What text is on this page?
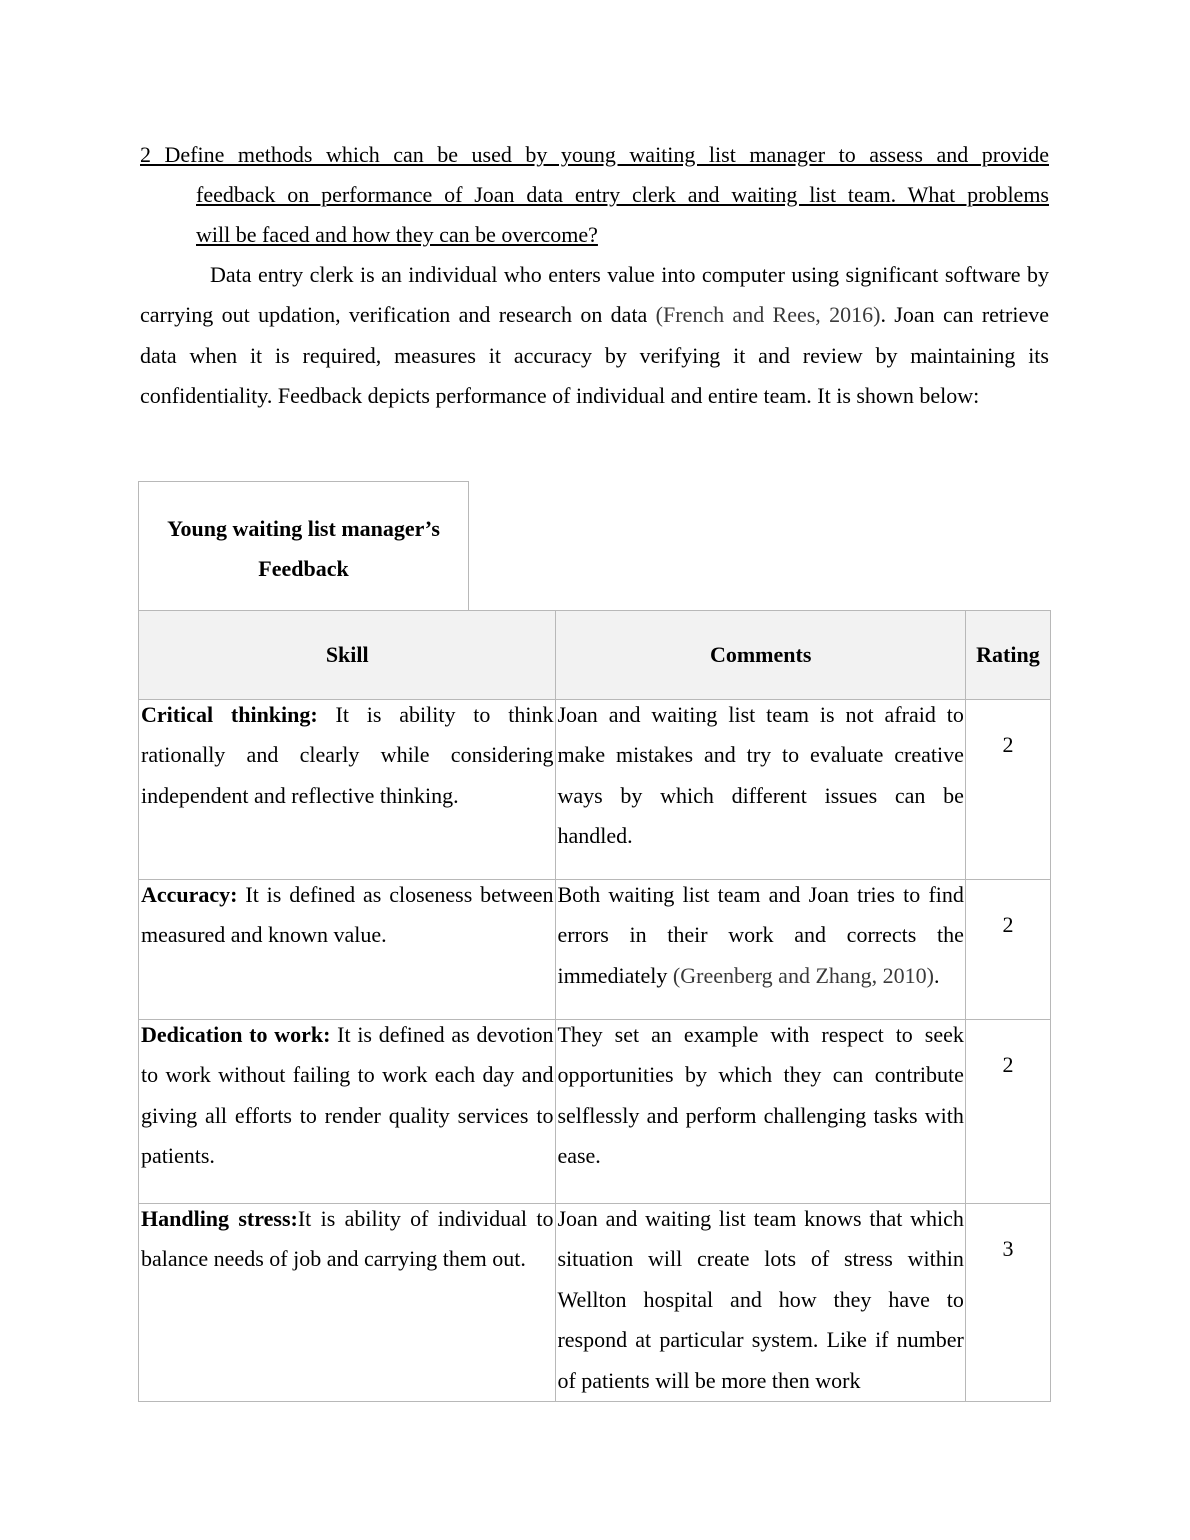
2 Define methods which can be used by young waiting list manager to assess and provide
feedback on performance of Joan data entry clerk and waiting list team. What problems
will be faced and how they can be overcome?

Data entry clerk is an individual who enters value into computer using significant software by carrying out updation, verification and research on data (French and Rees, 2016). Joan can retrieve data when it is required, measures it accuracy by verifying it and review by maintaining its confidentiality. Feedback depicts performance of individual and entire team. It is shown below:

Young waiting list manager’s
Feedback
Skill	Comments	Rating

Critical thinking: It is ability to think rationally and clearly while considering independent and reflective thinking.	Joan and waiting list team is not afraid to make mistakes and try to evaluate creative ways by which different issues can be handled.	2

Accuracy: It is defined as closeness between measured and known value.	Both waiting list team and Joan tries to find errors in their work and corrects the immediately (Greenberg and Zhang, 2010).	2

Dedication to work: It is defined as devotion to work without failing to work each day and giving all efforts to render quality services to patients.	They set an example with respect to seek opportunities by which they can contribute selflessly and perform challenging tasks with ease.	2

Handling stress:It is ability of individual to balance needs of job and carrying them out.	Joan and waiting list team knows that which situation will create lots of stress within Wellton hospital and how they have to respond at particular system. Like if number of patients will be more then work	3
